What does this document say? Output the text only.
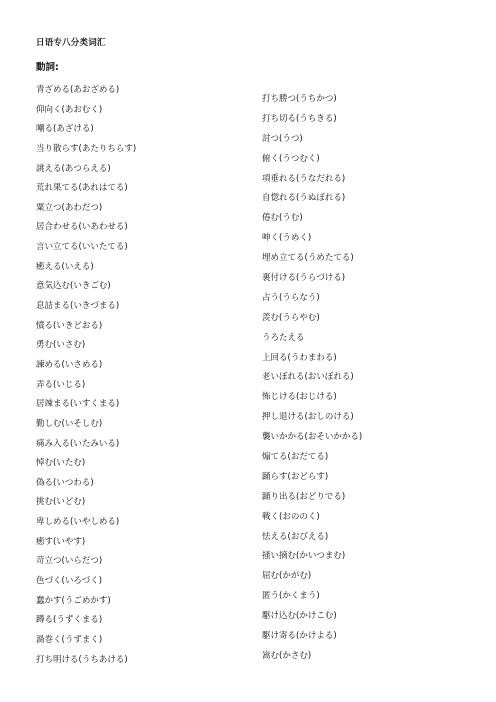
日语专八分类词汇
動詞:
青ざめる(あおざめる)
仰向く(あおむく)
嘲る(あざける)
当り散らす(あたりちらす)
誂える(あつらえる)
荒れ果てる(あれはてる)
粟立つ(あわだつ)
居合わせる(いあわせる)
言い立てる(いいたてる)
癒える(いえる)
意気込む(いきごむ)
息詰まる(いきづまる)
憤る(いきどおる)
勇む(いさむ)
諫める(いさめる)
弄る(いじる)
居竦まる(いすくまる)
勤しむ(いそしむ)
痛み入る(いたみいる)
悼む(いたむ)
偽る(いつわる)
挑む(いどむ)
卑しめる(いやしめる)
癒す(いやす)
苛立つ(いらだつ)
色づく(いろづく)
蠢かす(うごめかす)
蹲る(うずくまる)
渦巻く(うずまく)
打ち明ける(うちあける)
打ち勝つ(うちかつ)
打ち切る(うちきる)
討つ(うつ)
俯く(うつむく)
項垂れる(うなだれる)
自惚れる(うぬぼれる)
倦む(うむ)
呻く(うめく)
埋め立てる(うめたてる)
裏付ける(うらづける)
占う(うらなう)
羨む(うらやむ)
うろたえる
上回る(うわまわる)
老いぼれる(おいぼれる)
怖じける(おじける)
押し退ける(おしのける)
襲いかかる(おそいかかる)
煽てる(おだてる)
踊らす(おどらす)
踊り出る(おどりでる)
戦く(おののく)
怯える(おびえる)
掻い摘む(かいつまむ)
屈む(かがむ)
匿う(かくまう)
駆け込む(かけこむ)
駆け寄る(かけよる)
嵩む(かさむ)
